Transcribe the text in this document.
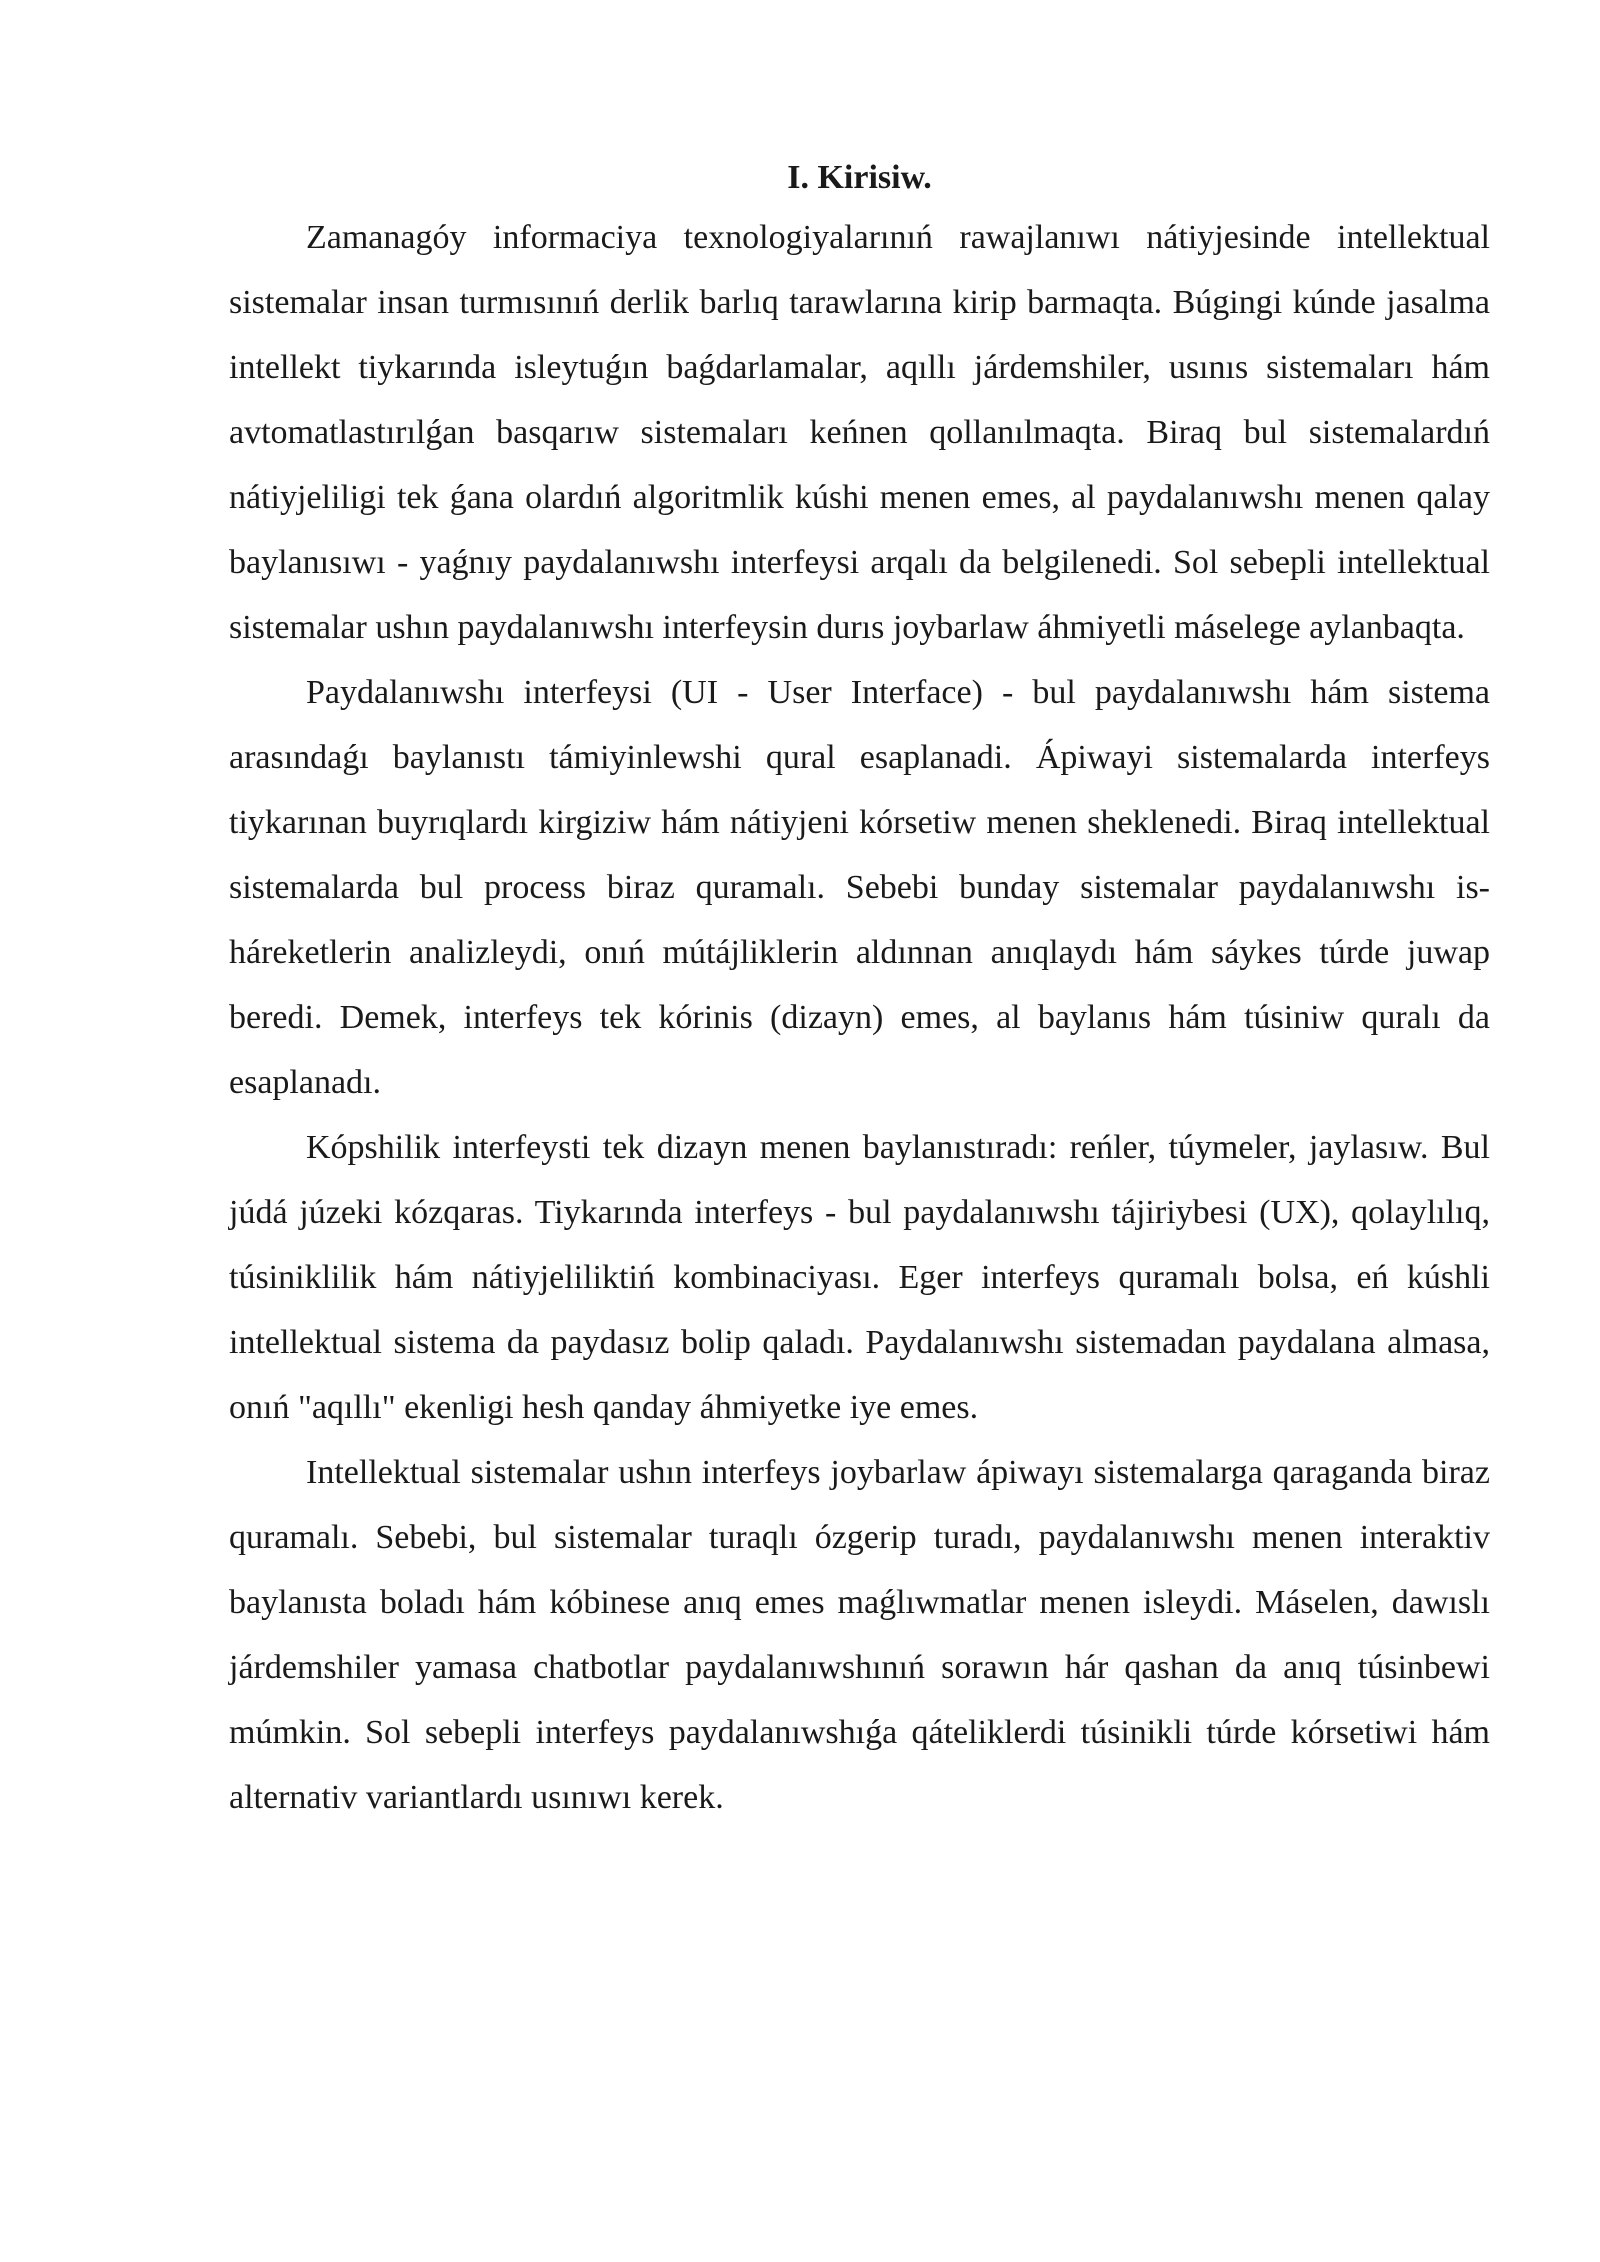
I. Kirisiw.

Zamanagóy informaciya texnologiyalarınıń rawajlanıwı nátiyjesinde intellektual sistemalar insan turmısınıń derlik barlıq tarawlarına kirip barmaqta. Búgingi kúnde jasalma intellekt tiykarında isleytuǵın baǵdarlamalar, aqıllı járdemshiler, usınıs sistemaları hám avtomatlastırılǵan basqarıw sistemaları keńnen qollanılmaqta. Biraq bul sistemalardıń nátiyjeliligi tek ǵana olardıń algoritmlik kúshi menen emes, al paydalanıwshı menen qalay baylanısıwı - yaǵnıy paydalanıwshı interfeysi arqalı da belgilenedi. Sol sebepli intellektual sistemalar ushın paydalanıwshı interfeysin durıs joybarlaw áhmiyetli máselege aylanbaqta.

Paydalanıwshı interfeysi (UI - User Interface) - bul paydalanıwshı hám sistema arasındaǵı baylanıstı támiyinlewshi qural esaplanadi. Ápiwayi sistemalarda interfeys tiykarınan buyrıqlardı kirgiziw hám nátiyjeni kórsetiw menen sheklenedi. Biraq intellektual sistemalarda bul process biraz quramalı. Sebebi bunday sistemalar paydalanıwshı is-háreketlerin analizleydi, onıń mútájliklerin aldınnan anıqlaydı hám sáykes túrde juwap beredi. Demek, interfeys tek kórinis (dizayn) emes, al baylanıs hám túsiniw quralı da esaplanadı.

Kópshilik interfeysti tek dizayn menen baylanıstıradı: reńler, túymeler, jaylasıw. Bul júdá júzeki kózqaras. Tiykarında interfeys - bul paydalanıwshı tájiriybesi (UX), qolaylılıq, túsiniklilik hám nátiyjeliliktiń kombinaciyası. Eger interfeys quramalı bolsa, eń kúshli intellektual sistema da paydasız bolip qaladı. Paydalanıwshı sistemadan paydalana almasa, onıń "aqıllı" ekenligi hesh qanday áhmiyetke iye emes.

Intellektual sistemalar ushın interfeys joybarlaw ápiwayı sistemalarga qaraganda biraz quramalı. Sebebi, bul sistemalar turaqlı ózgerip turadı, paydalanıwshı menen interaktiv baylanısta boladı hám kóbinese anıq emes maǵlıwmatlar menen isleydi. Máselen, dawıslı járdemshiler yamasa chatbotlar paydalanıwshınıń sorawın hár qashan da anıq túsinbewi múmkin. Sol sebepli interfeys paydalanıwshıǵa qáteliklerdi túsinikli túrde kórsetiwi hám alternativ variantlardı usınıwı kerek.
